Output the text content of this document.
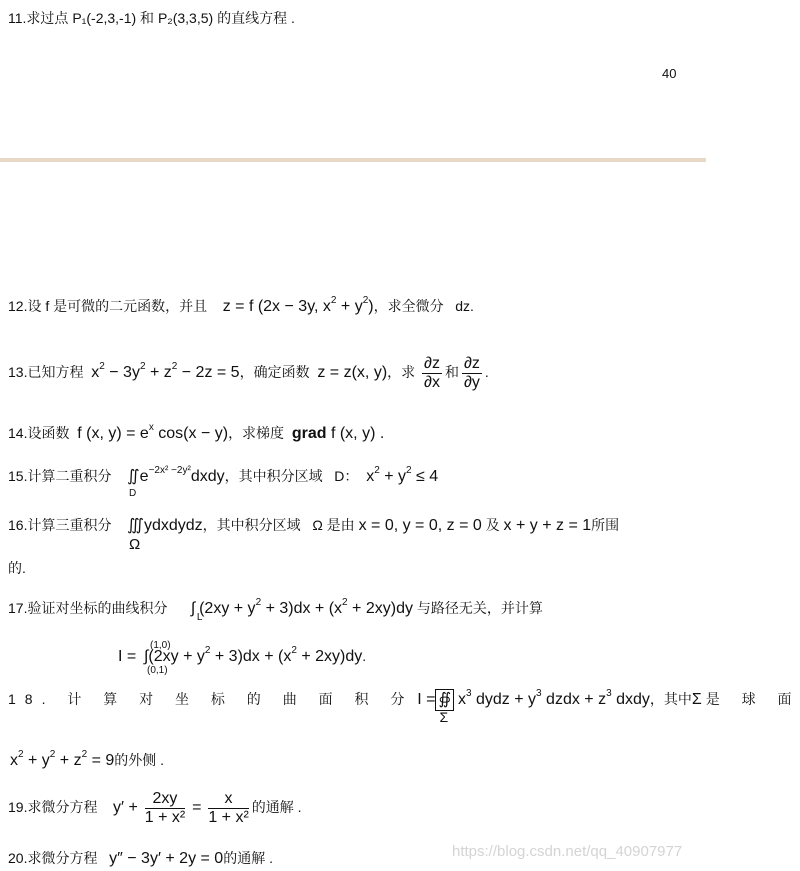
11.求过点 P₁(-2,3,-1) 和 P₂(3,3,5) 的直线方程 .
40
12.设 f 是可微的二元函数，并且 z = f (2x − 3y, $x^2 + y^2$)，求全微分 dz.
13.已知方程 $x^2 - 3y^2 + z^2 - 2z = 5$，确定函数 z = z(x, y)，求 $\frac{\partial z}{\partial x}$ 和 $\frac{\partial z}{\partial y}$ .
14.设函数 f (x, $y) = e^x$ cos(x − y)，求梯度 grad f (x, y) .
15.计算二重积分 ∬
D
$e^{-2x^2 -2y^2}dxdy$，其中积分区域 D： $x^2 + y^2 \le 4$
16.计算三重积分 ∭
Ω
ydxdydz，其中积分区域 Ω 是由 x = 0, y = 0, z = 0 及 x + y + z = 1所围
的.
17.验证对坐标的曲线积分 ∫
L
$(2xy + y^2 + 3)dx + (x^2 + 2xy)dy$ 与路径无关，并计算
I = ∫
(1,0)
(0,1)
$(2xy + y^2 + 3)dx + (x^2 + 2xy)dy$.
18. 计 算 对 坐 标 的 曲 面 积 分 I = ∯
Σ
$x^3$ dydz + $y^3$ dzdx + $z^3$ dxdy，其中Σ 是 球 面
$x^2 + y^2 + z^2 = 9$的外侧 .
19.求微分方程 $y' + \frac{2xy}{\text{1 + x²}} = \frac{x}{\text{1 + x²}}$ 的通解 .
20.求微分方程 y″ − 3y′ + 2y = 0的通解 .	https://blog.csdn.net/qq_40907977
